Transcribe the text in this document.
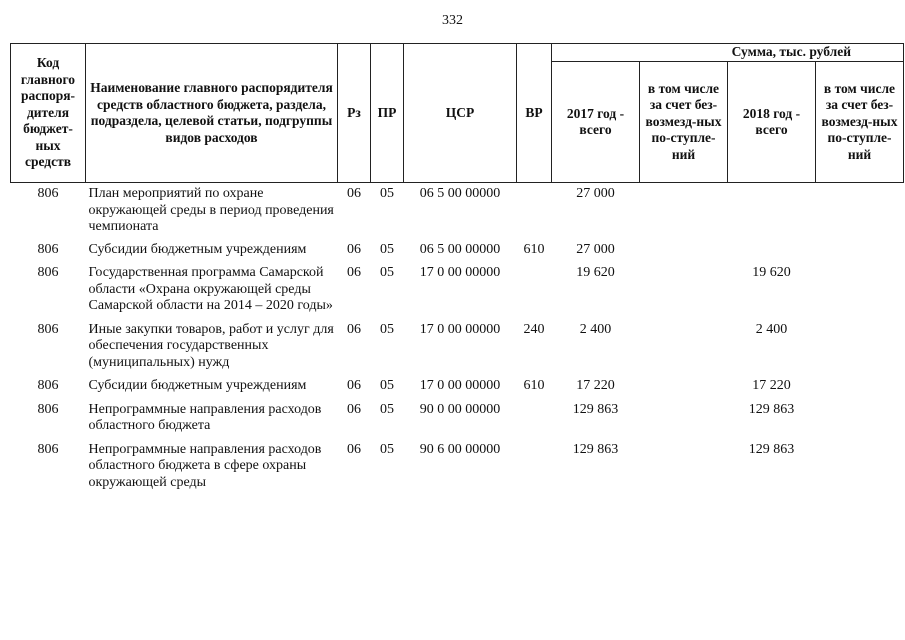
332
Код главного распоря-дителя бюджет-ных средств	Наименование главного распорядителя средств областного бюджета, раздела, подраздела, целевой статьи, подгруппы видов расходов	Рз	ПР	ЦСР	ВР	Сумма, тыс. рублей			
						2017 год - всего	в том числе за счет без-возмезд-ных по-ступле-ний	2018 год - всего	в том числе за счет без-возмезд-ных по-ступле-ний
806	План мероприятий по охране окружающей среды в период проведения чемпионата	06	05	06 5 00 00000		27 000			
806	Субсидии бюджетным учреждениям	06	05	06 5 00 00000	610	27 000			
806	Государственная программа Самарской области «Охрана окружающей среды Самарской области на 2014 – 2020 годы»	06	05	17 0 00 00000		19 620		19 620	
806	Иные закупки товаров, работ и услуг для обеспечения государственных (муниципальных) нужд	06	05	17 0 00 00000	240	2 400		2 400	
806	Субсидии бюджетным учреждениям	06	05	17 0 00 00000	610	17 220		17 220	
806	Непрограммные направления расходов областного бюджета	06	05	90 0 00 00000		129 863		129 863	
806	Непрограммные направления расходов областного бюджета в сфере охраны окружающей среды	06	05	90 6 00 00000		129 863		129 863	
